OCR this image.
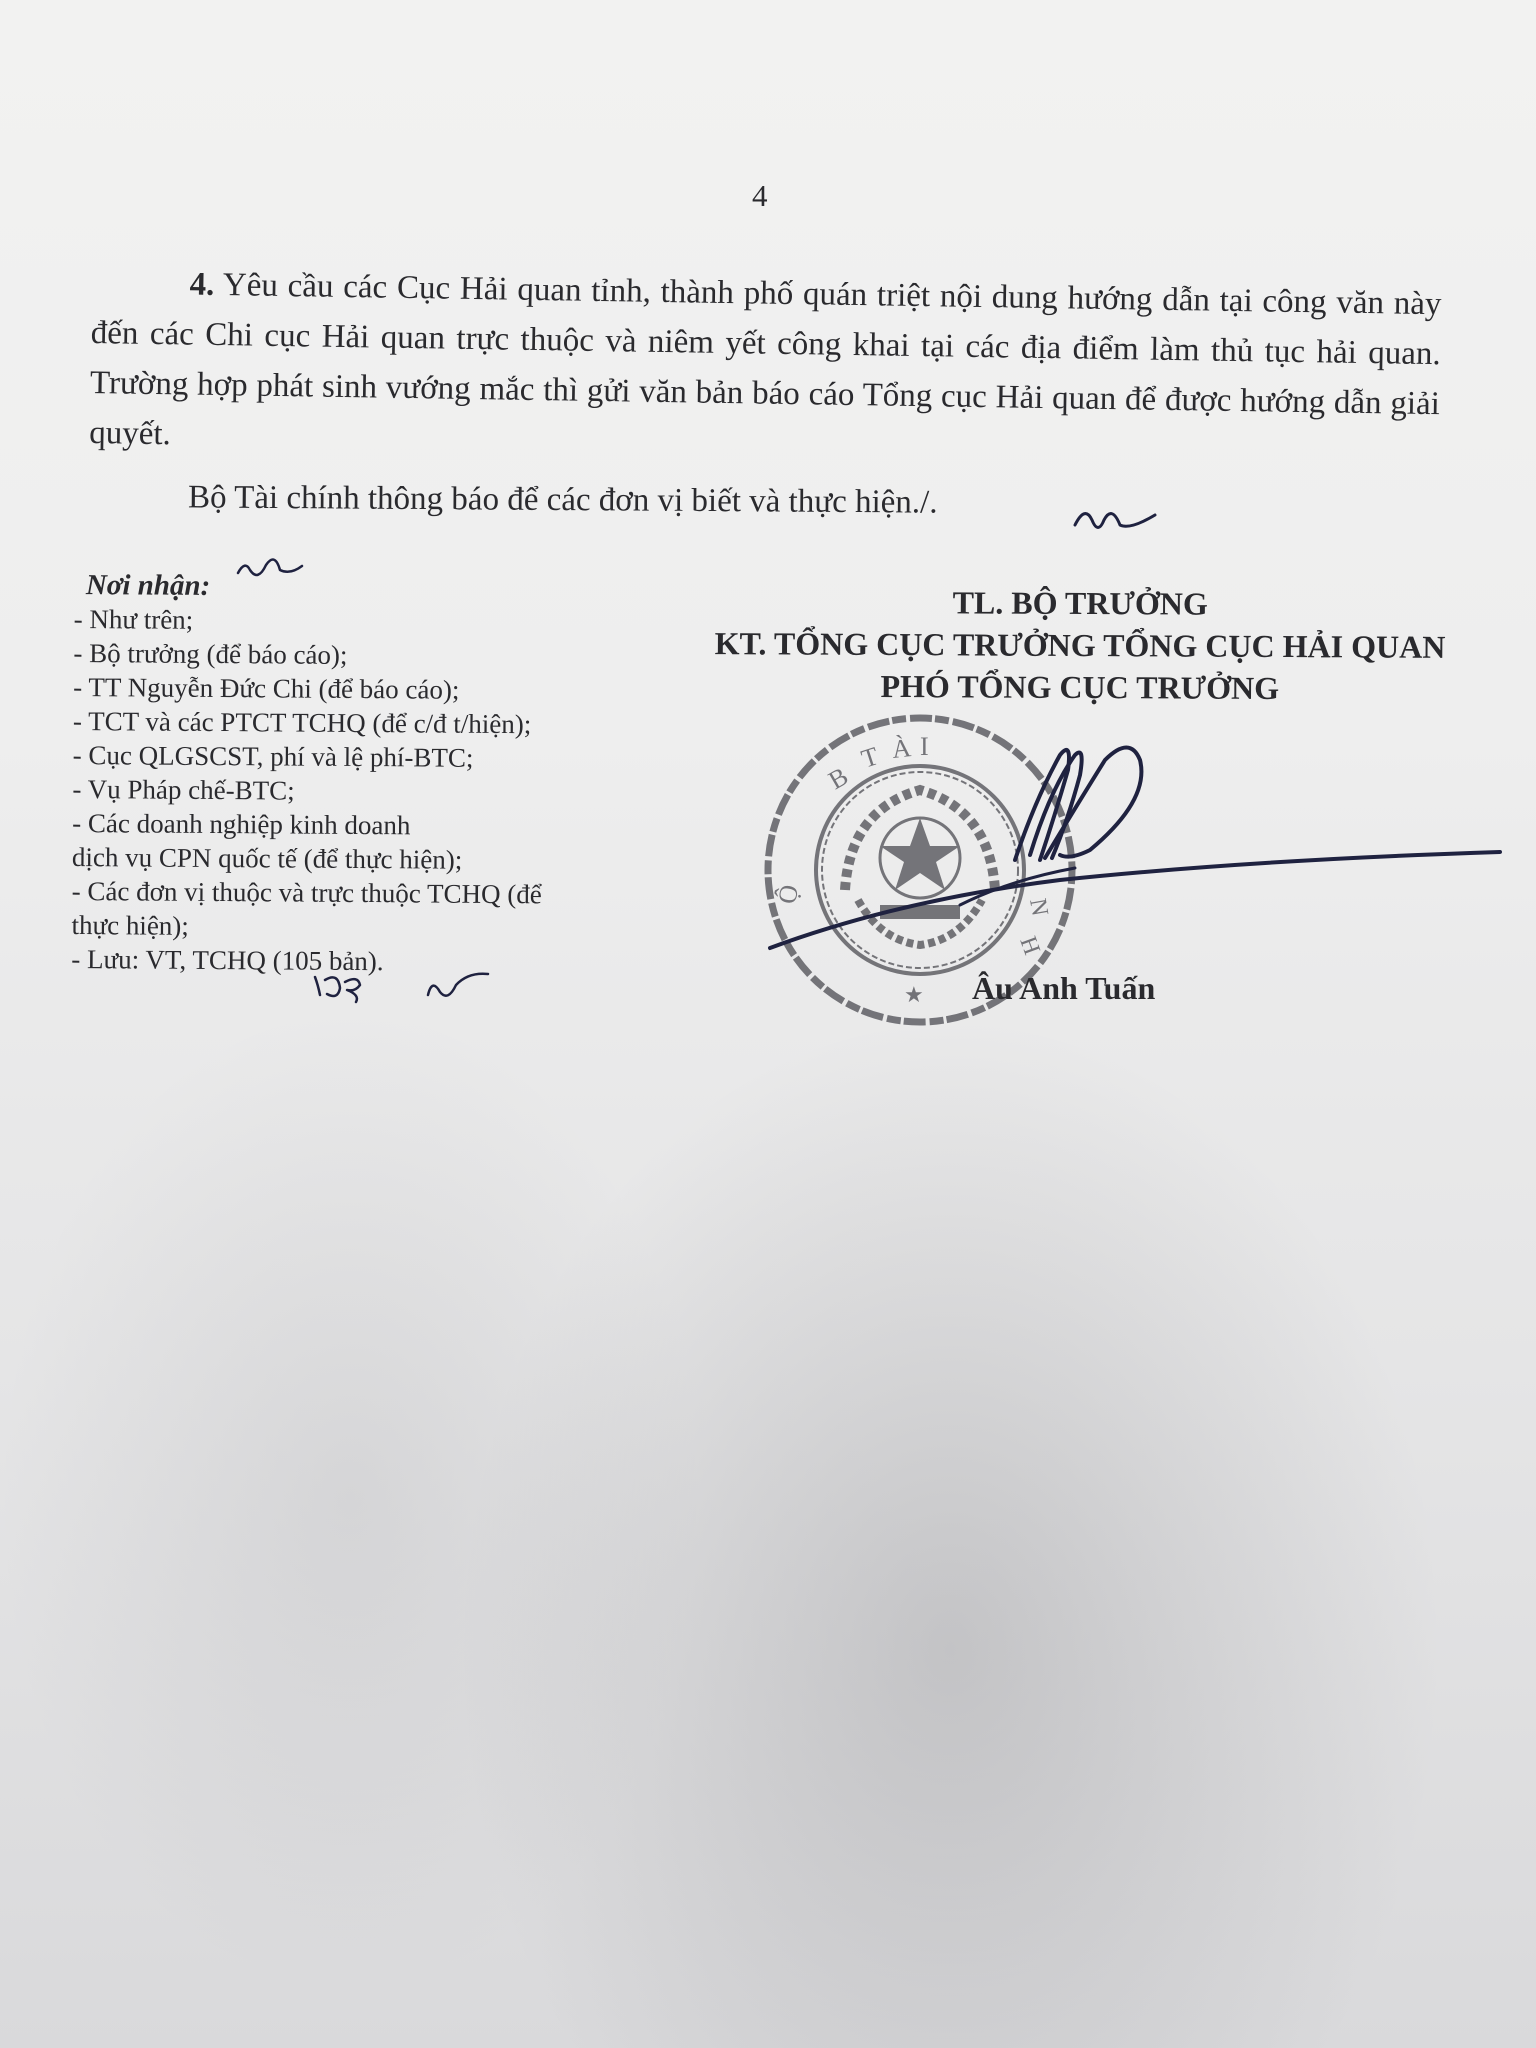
4
4. Yêu cầu các Cục Hải quan tỉnh, thành phố quán triệt nội dung hướng dẫn tại công văn này đến các Chi cục Hải quan trực thuộc và niêm yết công khai tại các địa điểm làm thủ tục hải quan. Trường hợp phát sinh vướng mắc thì gửi văn bản báo cáo Tổng cục Hải quan để được hướng dẫn giải quyết.
Bộ Tài chính thông báo để các đơn vị biết và thực hiện./.
Nơi nhận:
- Như trên;
- Bộ trưởng (để báo cáo);
- TT Nguyễn Đức Chi (để báo cáo);
- TCT và các PTCT TCHQ (để c/đ t/hiện);
- Cục QLGSCST, phí và lệ phí-BTC;
- Vụ Pháp chế-BTC;
- Các doanh nghiệp kinh doanh
dịch vụ CPN quốc tế (để thực hiện);
- Các đơn vị thuộc và trực thuộc TCHQ (để
thực hiện);
- Lưu: VT, TCHQ (105 bản).
TL. BỘ TRƯỞNG
KT. TỔNG CỤC TRƯỞNG TỔNG CỤC HẢI QUAN
PHÓ TỔNG CỤC TRƯỞNG
B
T À I
Ộ
H
N
★ Âu Anh Tuấn
